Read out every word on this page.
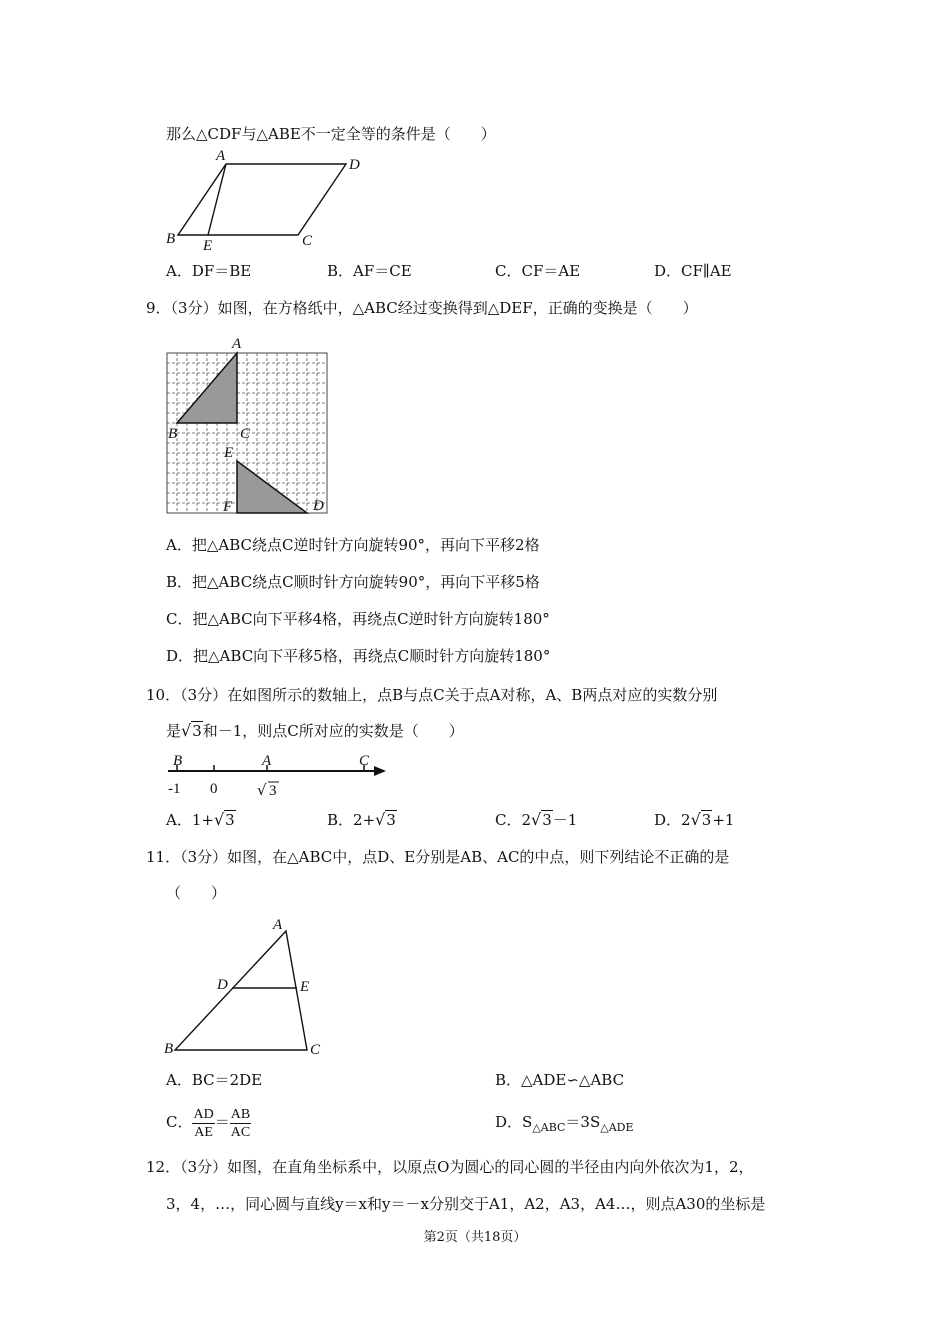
那么△CDF与△ABE不一定全等的条件是（　　）
A
D
B E	C
A．DF＝BE	B．AF＝CE	C．CF＝AE	D．CF∥AE
9．（3分）如图，在方格纸中，△ABC经过变换得到△DEF，正确的变换是（　　）
A
B	C
E
F	D
A．把△ABC绕点C逆时针方向旋转90°，再向下平移2格
B．把△ABC绕点C顺时针方向旋转90°，再向下平移5格
C．把△ABC向下平移4格，再绕点C逆时针方向旋转180°
D．把△ABC向下平移5格，再绕点C顺时针方向旋转180°
10．（3分）在如图所示的数轴上，点B与点C关于点A对称，A、B两点对应的实数分别
是√3和－1，则点C所对应的实数是（　　）
B	A	C
-1 0	√ 3
A．1+√3	B．2+√3	C．2√3－1	D．2√3+1
11．（3分）如图，在△ABC中，点D、E分别是AB、AC的中点，则下列结论不正确的是
（　　）
A
D	E
B	C
A．BC＝2DE	B．△ADE∽△ABC
C． $\frac{AD}{AE} = \frac{AB}{AC}$	D．$S_{\triangle ABC}=3S_{\triangle ADE}$
12．（3分）如图，在直角坐标系中，以原点O为圆心的同心圆的半径由内向外依次为1，2，
3，4，…，同心圆与直线y＝x和y＝－x分别交于A1，A2，A3，A4…，则点A30的坐标是
第2页（共18页）
